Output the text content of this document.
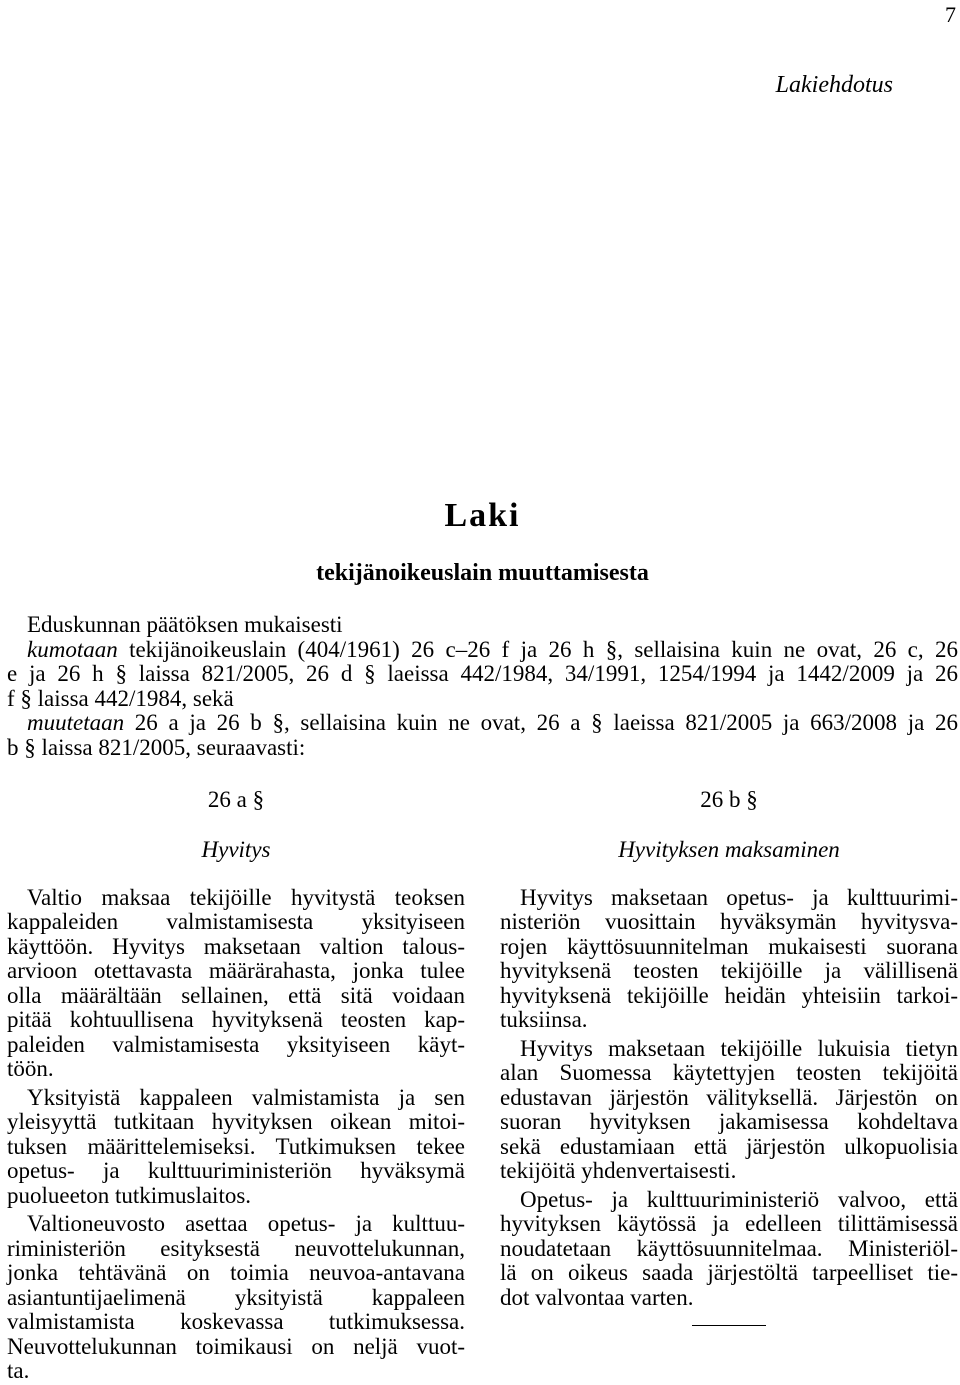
7
Lakiehdotus
Laki
tekijänoikeuslain muuttamisesta
Eduskunnan päätöksen mukaisesti
kumotaan tekijänoikeuslain (404/1961) 26 c–26 f ja 26 h §, sellaisina kuin ne ovat, 26 c, 26
e ja 26 h § laissa 821/2005, 26 d § laeissa 442/1984, 34/1991, 1254/1994 ja 1442/2009 ja 26
f § laissa 442/1984, sekä
muutetaan 26 a ja 26 b §, sellaisina kuin ne ovat, 26 a § laeissa 821/2005 ja 663/2008 ja 26
b § laissa 821/2005, seuraavasti:
26 a §
Hyvitys
Valtio maksaa tekijöille hyvitystä teoksen
kappaleiden valmistamisesta yksityiseen
käyttöön. Hyvitys maksetaan valtion talous-
arvioon otettavasta määrärahasta, jonka tulee
olla määrältään sellainen, että sitä voidaan
pitää kohtuullisena hyvityksenä teosten kap-
paleiden valmistamisesta yksityiseen käyt-
töön.
Yksityistä kappaleen valmistamista ja sen
yleisyyttä tutkitaan hyvityksen oikean mitoi-
tuksen määrittelemiseksi. Tutkimuksen tekee
opetus- ja kulttuuriministeriön hyväksymä
puolueeton tutkimuslaitos.
Valtioneuvosto asettaa opetus- ja kulttuu-
riministeriön esityksestä neuvottelukunnan,
jonka tehtävänä on toimia neuvoa-antavana
asiantuntijaelimenä yksityistä kappaleen
valmistamista koskevassa tutkimuksessa.
Neuvottelukunnan toimikausi on neljä vuot-
ta.
26 b §
Hyvityksen maksaminen
Hyvitys maksetaan opetus- ja kulttuurimi-
nisteriön vuosittain hyväksymän hyvitysva-
rojen käyttösuunnitelman mukaisesti suorana
hyvityksenä teosten tekijöille ja välillisenä
hyvityksenä tekijöille heidän yhteisiin tarkoi-
tuksiinsa.
Hyvitys maksetaan tekijöille lukuisia tietyn
alan Suomessa käytettyjen teosten tekijöitä
edustavan järjestön välityksellä. Järjestön on
suoran hyvityksen jakamisessa kohdeltava
sekä edustamiaan että järjestön ulkopuolisia
tekijöitä yhdenvertaisesti.
Opetus- ja kulttuuriministeriö valvoo, että
hyvityksen käytössä ja edelleen tilittämisessä
noudatetaan käyttösuunnitelmaa. Ministeriöl-
lä on oikeus saada järjestöltä tarpeelliset tie-
dot valvontaa varten.
